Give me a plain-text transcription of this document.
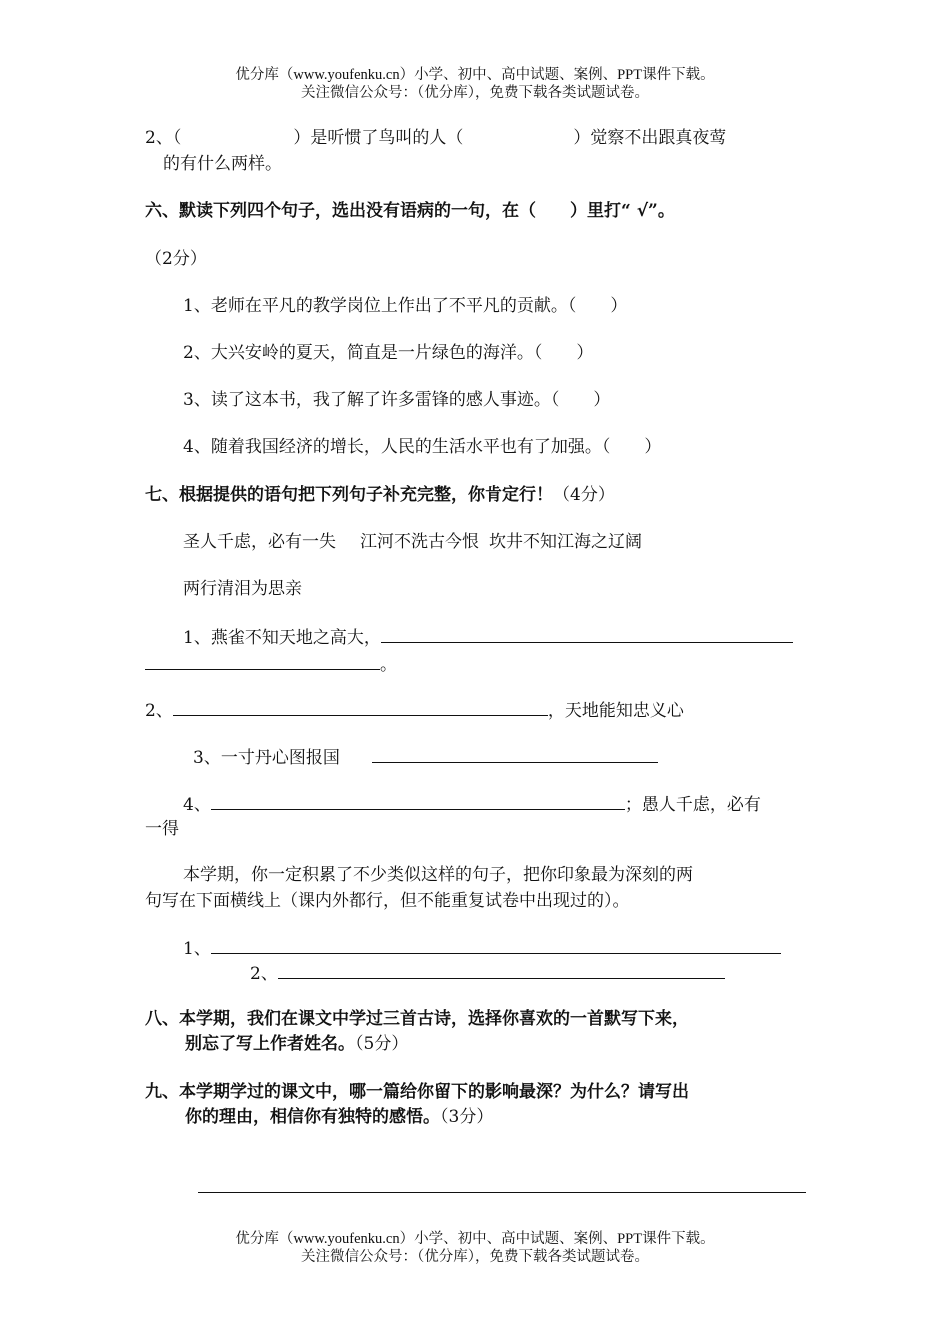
优分库（www.youfenku.cn）小学、初中、高中试题、案例、PPT课件下载。
关注微信公众号：（优分库），免费下载各类试题试卷。
2、（	）是听惯了鸟叫的人（	）觉察不出跟真夜莺
的有什么两样。
六、默读下列四个句子，选出没有语病的一句，在（　　）里打“ √”。
（2分）
1、老师在平凡的教学岗位上作出了不平凡的贡献。（　　）
2、大兴安岭的夏天，简直是一片绿色的海洋。（　　）
3、读了这本书，我了解了许多雷锋的感人事迹。（　　）
4、随着我国经济的增长，人民的生活水平也有了加强。（　　）
七、根据提供的语句把下列句子补充完整，你肯定行！（4分）
圣人千虑，必有一失 江河不洗古今恨 坎井不知江海之辽阔
两行清泪为思亲
1、燕雀不知天地之高大，
。
2、	，天地能知忠义心
3、一寸丹心图报国
4、	；愚人千虑，必有
一得
本学期，你一定积累了不少类似这样的句子，把你印象最为深刻的两
句写在下面横线上（课内外都行，但不能重复试卷中出现过的）。
1、
2、
八、本学期，我们在课文中学过三首古诗，选择你喜欢的一首默写下来，
别忘了写上作者姓名。（5分）
九、本学期学过的课文中，哪一篇给你留下的影响最深？为什么？请写出
你的理由，相信你有独特的感悟。（3分）
优分库（www.youfenku.cn）小学、初中、高中试题、案例、PPT课件下载。
关注微信公众号：（优分库），免费下载各类试题试卷。
